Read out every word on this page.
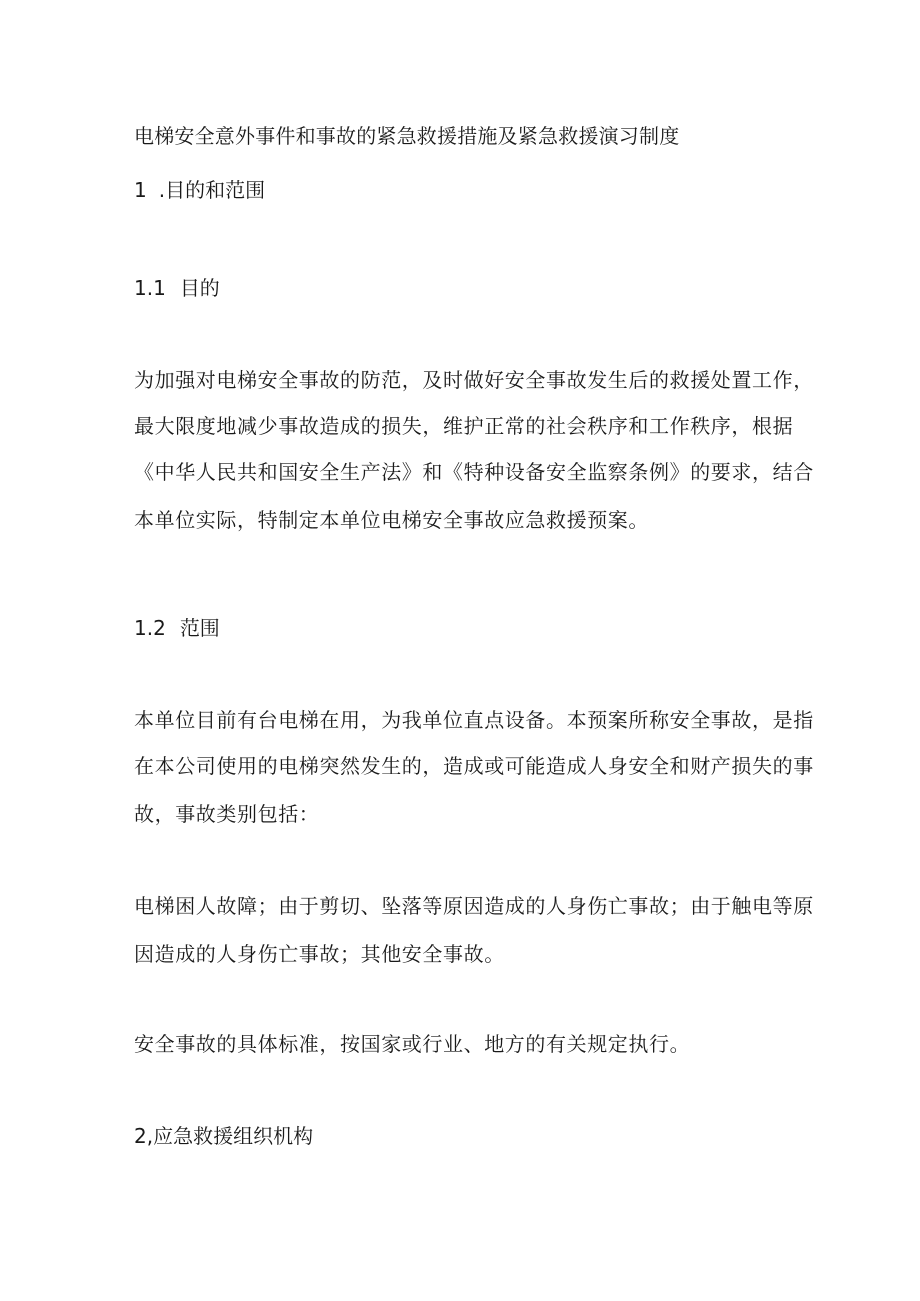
电梯安全意外事件和事故的紧急救援措施及紧急救援演习制度

1 .目的和范围

1.1 目的

为加强对电梯安全事故的防范，及时做好安全事故发生后的救援处置工作，

最大限度地减少事故造成的损失，维护正常的社会秩序和工作秩序，根据

《中华人民共和国安全生产法》和《特种设备安全监察条例》的要求，结合

本单位实际，特制定本单位电梯安全事故应急救援预案。

1.2 范围

本单位目前有台电梯在用，为我单位直点设备。本预案所称安全事故，是指

在本公司使用的电梯突然发生的，造成或可能造成人身安全和财产损失的事

故，事故类别包括：

电梯困人故障；由于剪切、坠落等原因造成的人身伤亡事故；由于触电等原

因造成的人身伤亡事故；其他安全事故。

安全事故的具体标准，按国家或行业、地方的有关规定执行。

2,应急救援组织机构
